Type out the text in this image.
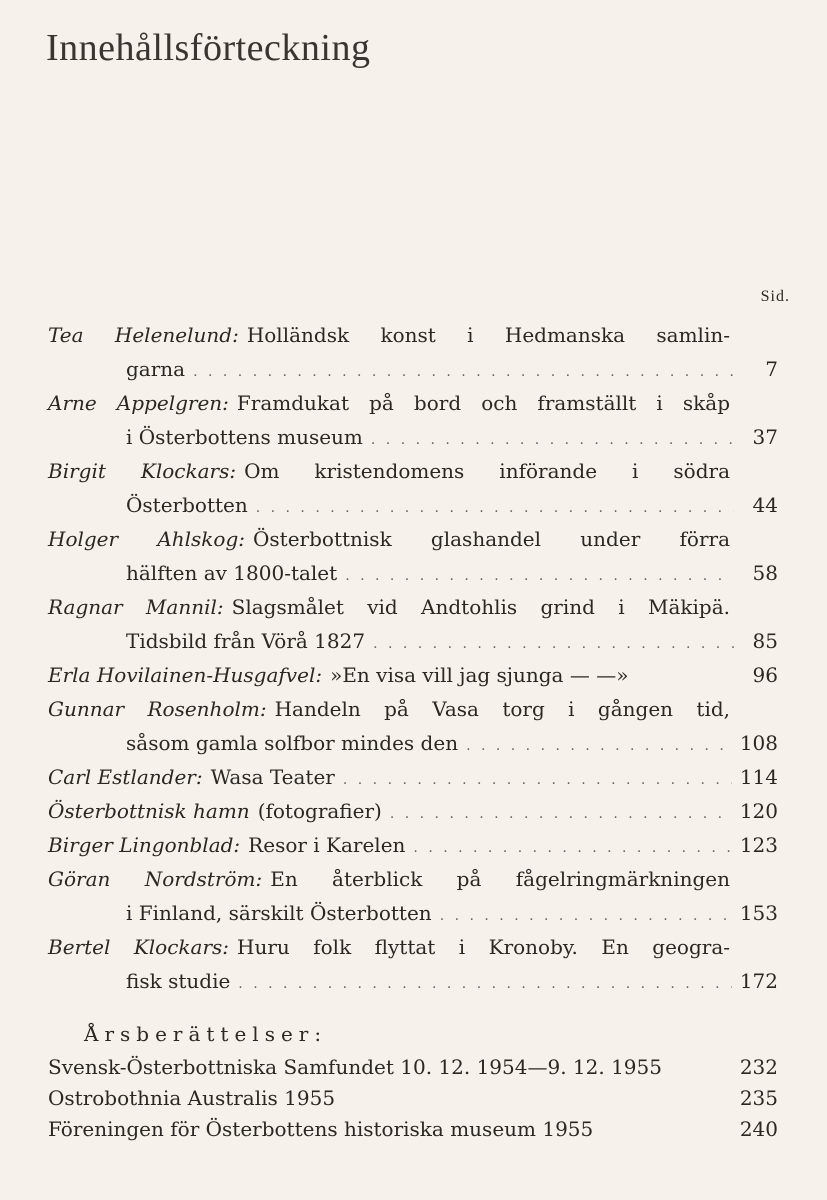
Innehållsförteckning
Sid.
Tea Helenelund: Holländsk konst i Hedmanska samlin-
garna . . .	7
Arne Appelgren: Framdukat på bord och framställt i skåp
i Österbottens museum . . .	37
Birgit Klockars: Om kristendomens införande i södra
Österbotten . . .	44
Holger Ahlskog: Österbottnisk glashandel under förra
hälften av 1800-talet . . .	58
Ragnar Mannil: Slagsmålet vid Andtohlis grind i Mäkipä.
Tidsbild från Vörå 1827 . . .	85
Erla Hovilainen-Husgafvel: »En visa vill jag sjunga — —»	96
Gunnar Rosenholm: Handeln på Vasa torg i gången tid,
såsom gamla solfbor mindes den . . .	108
Carl Estlander: Wasa Teater . . .	114
Österbottnisk hamn (fotografier) . . .	120
Birger Lingonblad: Resor i Karelen . . .	123
Göran Nordström: En återblick på fågelringmärkningen
i Finland, särskilt Österbotten . . .	153
Bertel Klockars: Huru folk flyttat i Kronoby. En geogra-
fisk studie . . .	172
Årsberättelser:
Svensk-Österbottniska Samfundet 10. 12. 1954—9. 12. 1955	232
Ostrobothnia Australis 1955	235
Föreningen för Österbottens historiska museum 1955	240
